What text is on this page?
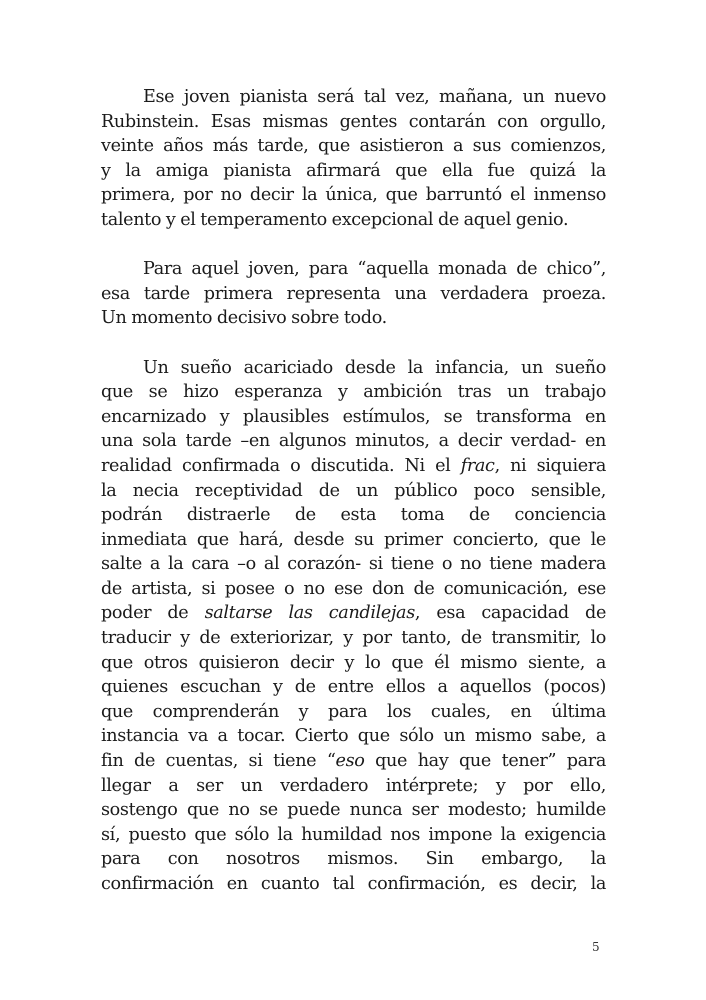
Ese joven pianista será tal vez, mañana, un nuevo
Rubinstein. Esas mismas gentes contarán con orgullo,
veinte años más tarde, que asistieron a sus comienzos,
y la amiga pianista afirmará que ella fue quizá la
primera, por no decir la única, que barruntó el inmenso
talento y el temperamento excepcional de aquel genio.
Para aquel joven, para “aquella monada de chico”,
esa tarde primera representa una verdadera proeza.
Un momento decisivo sobre todo.
Un sueño acariciado desde la infancia, un sueño
que se hizo esperanza y ambición tras un trabajo
encarnizado y plausibles estímulos, se transforma en
una sola tarde –en algunos minutos, a decir verdad- en
realidad confirmada o discutida. Ni el frac, ni siquiera
la necia receptividad de un público poco sensible,
podrán distraerle de esta toma de conciencia
inmediata que hará, desde su primer concierto, que le
salte a la cara –o al corazón- si tiene o no tiene madera
de artista, si posee o no ese don de comunicación, ese
poder de saltarse las candilejas, esa capacidad de
traducir y de exteriorizar, y por tanto, de transmitir, lo
que otros quisieron decir y lo que él mismo siente, a
quienes escuchan y de entre ellos a aquellos (pocos)
que comprenderán y para los cuales, en última
instancia va a tocar. Cierto que sólo un mismo sabe, a
fin de cuentas, si tiene “eso que hay que tener” para
llegar a ser un verdadero intérprete; y por ello,
sostengo que no se puede nunca ser modesto; humilde
sí, puesto que sólo la humildad nos impone la exigencia
para con nosotros mismos. Sin embargo, la
confirmación en cuanto tal confirmación, es decir, la
5
